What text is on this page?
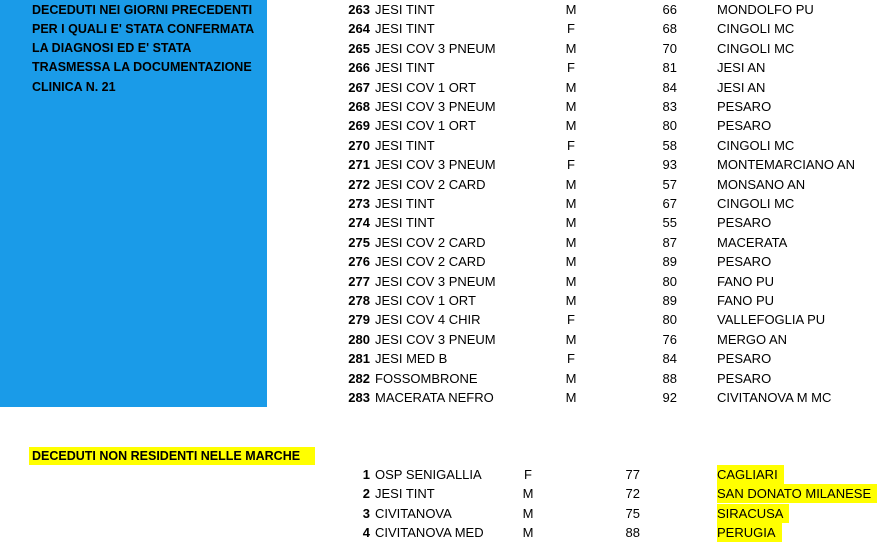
DECEDUTI NEI GIORNI PRECEDENTI
PER I QUALI E' STATA CONFERMATA
LA DIAGNOSI ED E' STATA
TRASMESSA LA DOCUMENTAZIONE
CLINICA N. 21
263 JESI TINT	M	66	MONDOLFO PU
264 JESI TINT	F	68	CINGOLI MC
265 JESI COV 3 PNEUM	M	70	CINGOLI MC
266 JESI TINT	F	81	JESI AN
267 JESI COV 1 ORT	M	84	JESI AN
268 JESI COV 3 PNEUM	M	83	PESARO
269 JESI COV 1 ORT	M	80	PESARO
270 JESI TINT	F	58	CINGOLI MC
271 JESI COV 3 PNEUM	F	93	MONTEMARCIANO AN
272 JESI COV 2 CARD	M	57	MONSANO AN
273 JESI TINT	M	67	CINGOLI MC
274 JESI TINT	M	55	PESARO
275 JESI COV 2 CARD	M	87	MACERATA
276 JESI COV 2 CARD	M	89	PESARO
277 JESI COV 3 PNEUM	M	80	FANO PU
278 JESI COV 1 ORT	M	89	FANO PU
279 JESI COV 4 CHIR	F	80	VALLEFOGLIA PU
280 JESI COV 3 PNEUM	M	76	MERGO AN
281 JESI MED B	F	84	PESARO
282 FOSSOMBRONE	M	88	PESARO
283 MACERATA NEFRO	M	92	CIVITANOVA M MC
DECEDUTI NON RESIDENTI NELLE MARCHE
1 OSP SENIGALLIA	F	77	CAGLIARI
2 JESI TINT	M	72	SAN DONATO MILANESE
3 CIVITANOVA	M	75	SIRACUSA
4 CIVITANOVA MED	M	88	PERUGIA
